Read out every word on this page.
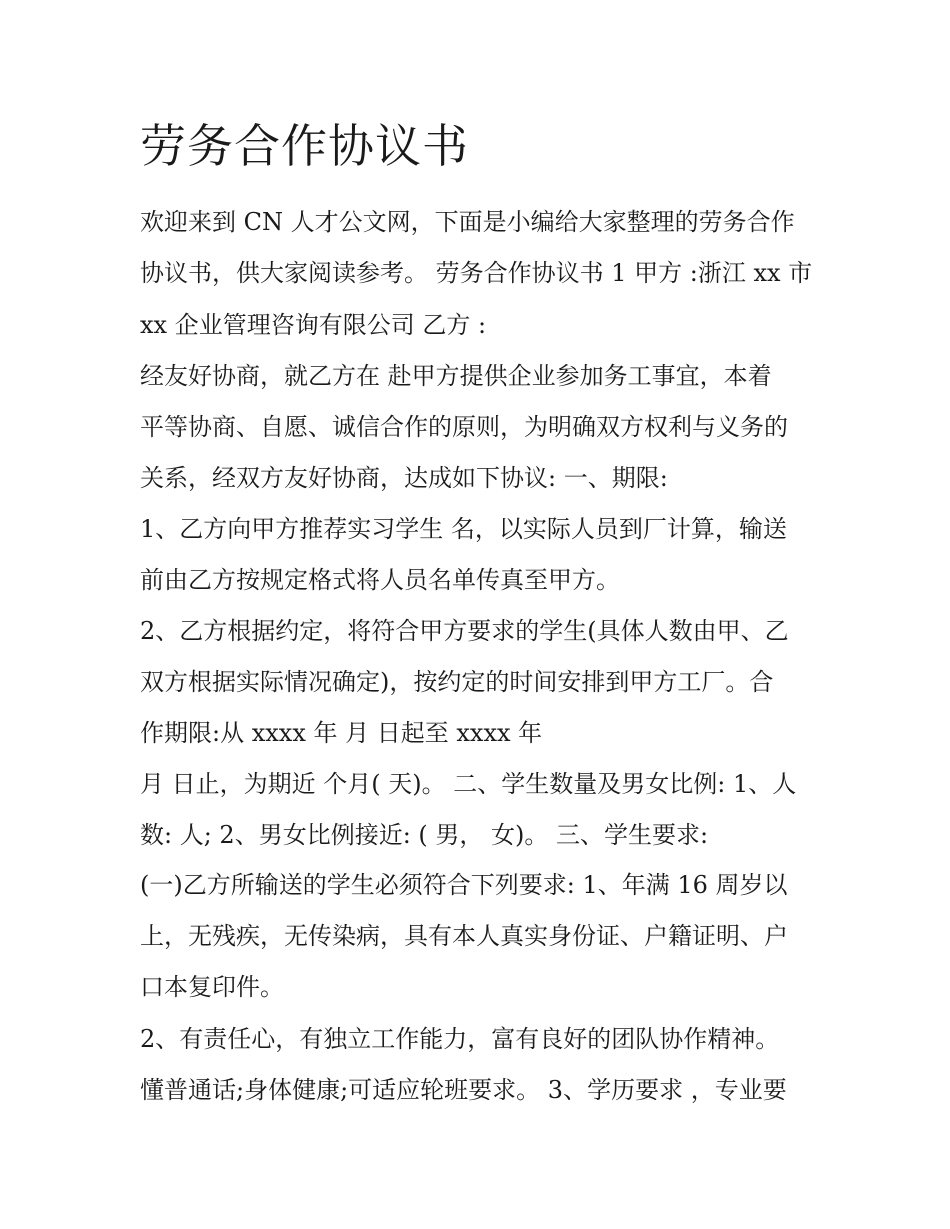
劳务合作协议书

欢迎来到 CN 人才公文网，下面是小编给大家整理的劳务合作

协议书，供大家阅读参考。 劳务合作协议书 1 甲方 :浙江 xx 市

xx 企业管理咨询有限公司 乙方 :

经友好协商，就乙方在 赴甲方提供企业参加务工事宜，本着

平等协商、自愿、诚信合作的原则，为明确双方权利与义务的

关系，经双方友好协商，达成如下协议: 一、期限:

1、乙方向甲方推荐实习学生 名，以实际人员到厂计算，输送

前由乙方按规定格式将人员名单传真至甲方。

2、乙方根据约定，将符合甲方要求的学生(具体人数由甲、乙

双方根据实际情况确定)，按约定的时间安排到甲方工厂。合

作期限:从 xxxx 年 月 日起至 xxxx 年

月 日止，为期近 个月( 天)。 二、学生数量及男女比例: 1、人

数: 人; 2、男女比例接近: ( 男， 女)。 三、学生要求:

(一)乙方所输送的学生必须符合下列要求: 1、年满 16 周岁以

上，无残疾，无传染病，具有本人真实身份证、户籍证明、户

口本复印件。

2、有责任心，有独立工作能力，富有良好的团队协作精神。

懂普通话;身体健康;可适应轮班要求。 3、学历要求 ，专业要
